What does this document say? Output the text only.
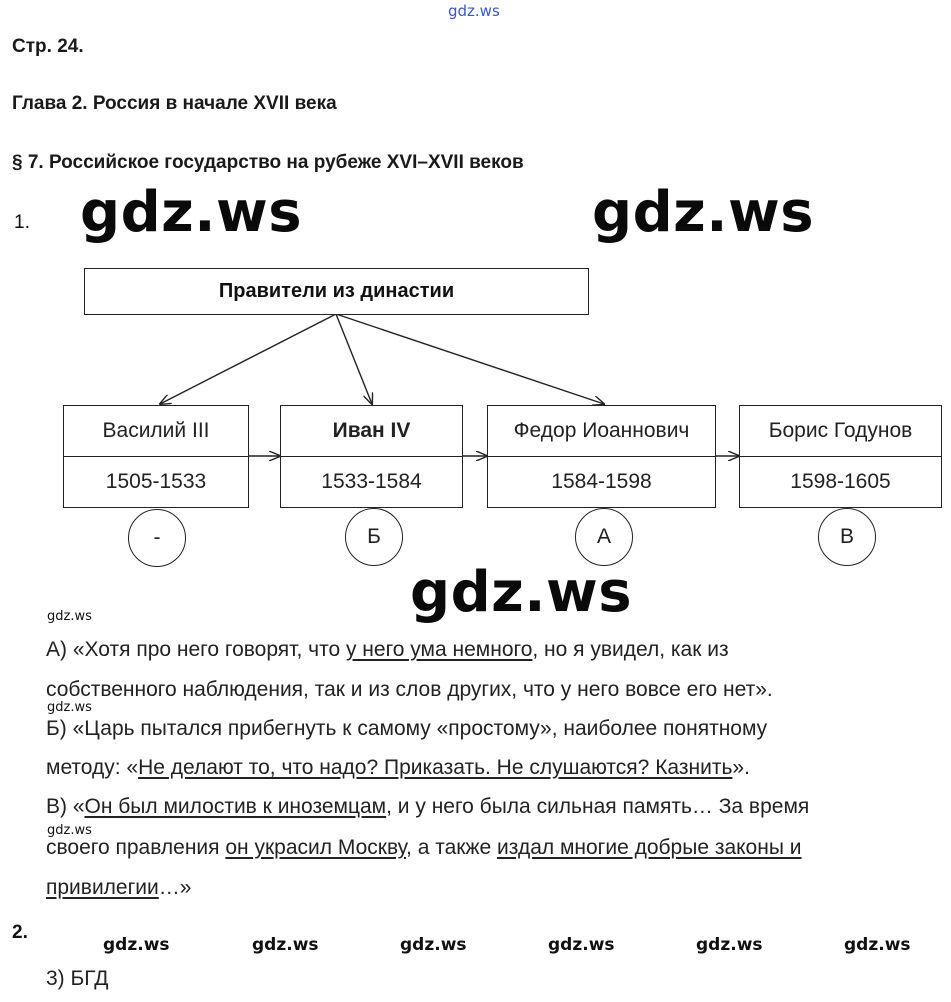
gdz.ws
Стр. 24.
Глава 2. Россия в начале XVII века
§ 7. Российское государство на рубеже XVI–XVII веков
1. gdz.ws	gdz.ws
Правители из династии
Василий III
1505-1533
Иван IV
1533-1584
Федор Иоаннович
1584-1598
Борис Годунов
1598-1605
-	Б	А	В
gdz.ws
gdz.ws
gdz.ws
gdz.ws
А) «Хотя про него говорят, что у него ума немного, но я увидел, как из
собственного наблюдения, так и из слов других, что у него вовсе его нет».
Б) «Царь пытался прибегнуть к самому «простому», наиболее понятному
методу: «Не делают то, что надо? Приказать. Не слушаются? Казнить».
В) «Он был милостив к иноземцам, и у него была сильная память… За время
своего правления он украсил Москву, а также издал многие добрые законы и
привилегии…»
2.
gdz.ws	gdz.ws	gdz.ws	gdz.ws	gdz.ws	gdz.ws
3) БГД
